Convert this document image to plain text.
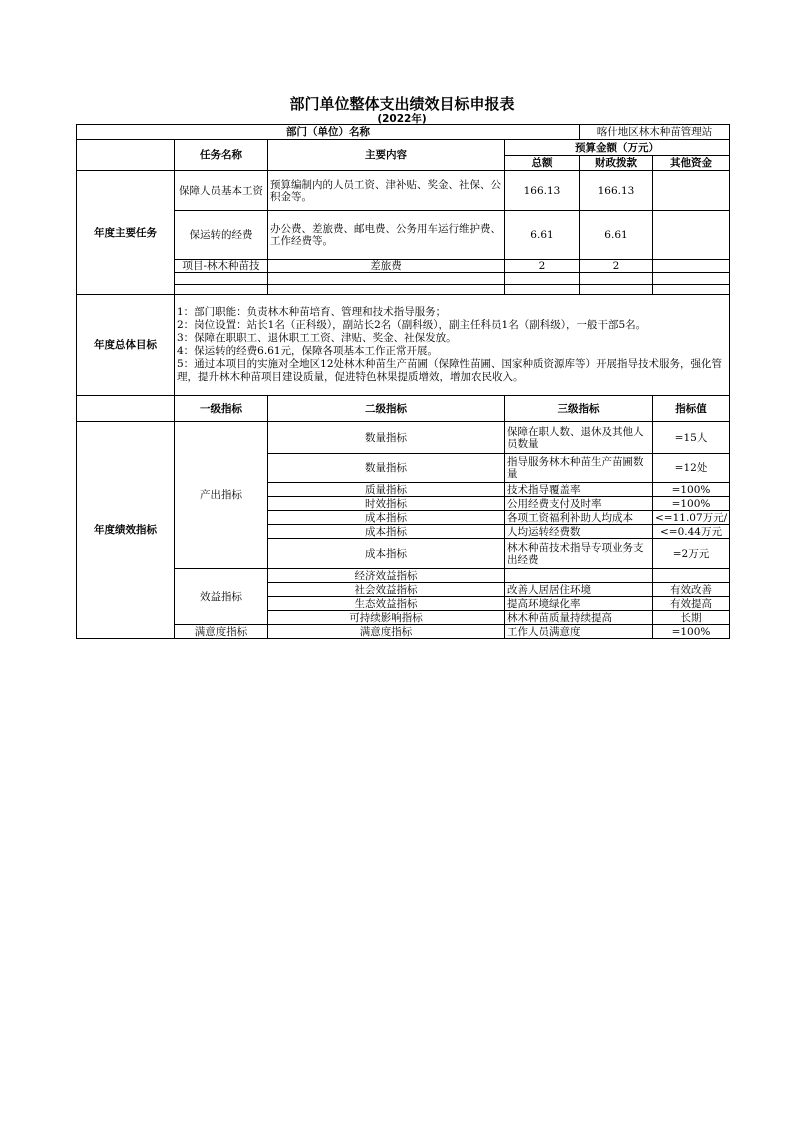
部门单位整体支出绩效目标申报表
(2022年)
部门（单位）名称				喀什地区林木种苗管理站	
	任务名称	主要内容	预算金额（万元）		
			总额	财政拨款	其他资金
年度主要任务	保障人员基本工资	预算编制内的人员工资、津补贴、奖金、社保、公积金等。	166.13	166.13	
	保运转的经费	办公费、差旅费、邮电费、公务用车运行维护费、工作经费等。	6.61	6.61	
	项目-林木种苗技	差旅费	2	2	

年度总体目标	1：部门职能：负责林木种苗培育、管理和技术指导服务；
2：岗位设置：站长1名（正科级），副站长2名（副科级），副主任科员1名（副科级），一般干部5名。
3：保障在职职工、退休职工工资、津贴、奖金、社保发放。
4：保运转的经费6.61元，保障各项基本工作正常开展。
5：通过本项目的实施对全地区12处林木种苗生产苗圃（保障性苗圃、国家种质资源库等）开展指导技术服务，强化管理，提升林木种苗项目建设质量，促进特色林果提质增效，增加农民收入。				

	一级指标	二级指标	三级指标		指标值
年度绩效指标	产出指标	数量指标	保障在职人数、退休及其他人员数量		=15人
		数量指标	指导服务林木种苗生产苗圃数量		=12处
		质量指标	技术指导覆盖率		=100%
		时效指标	公用经费支付及时率		=100%
		成本指标	各项工资福利补助人均成本		<=11.07万元/
		成本指标	人均运转经费数		<=0.44万元
		成本指标	林木种苗技术指导专项业务支出经费		=2万元
	效益指标	经济效益指标			
		社会效益指标	改善人居居住环境		有效改善
		生态效益指标	提高环境绿化率		有效提高
		可持续影响指标	林木种苗质量持续提高		长期
	满意度指标	满意度指标	工作人员满意度		=100%
